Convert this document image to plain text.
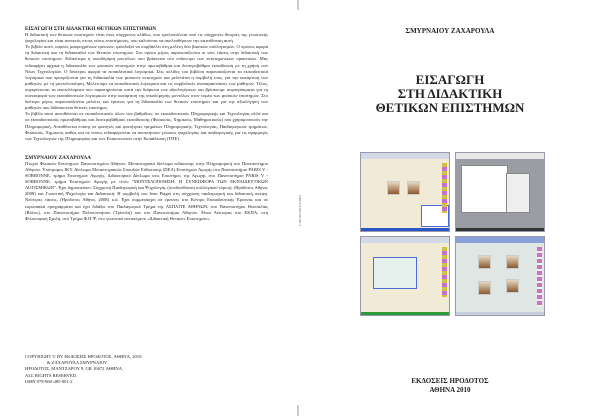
ΕΙΣΑΓΩΓΗ ΣΤΗ ΔΙΔΑΚΤΙΚΗ ΘΕΤΙΚΩΝ ΕΠΙΣΤΗΜΩΝ

Η διδακτική των θετικών επιστημών είναι ένας σύγχρονος κλάδος, που εμπλουτίζεται από τις σύγχρονες θεωρίες της γνωστικής ψυχολογίας και είναι ανοικτός στους νέους επιστήμονες, που καλούνται να ακολουθήσουν την κατεύθυνση αυτή.

Το βιβλίο αυτό, καρπός μακροχρόνιων ερευνών, φιλοδοξεί να συμβάλλει στη μελέτη δύο βασικών συλλογισμών. Ο πρώτος αφορά τη διδακτική και τη διδασκαλία των θετικών επιστημών. Στο πρώτο μέρος παρουσιάζονται οι νέες τάσεις στην διδακτική των θετικών επιστημών. Ειδικότερα η οικοδόμηση μοντέλων που βρίσκεται στο επίκεντρο των επιστημονικών πρακτικών. Μας ενδιαφέρει αρχικά η διδασκαλία των φυσικών επιστημών στην πρωτοβάθμια και δευτεροβάθμια εκπαίδευση με τη χρήση των Νέων Τεχνολογιών. Ο δεύτερος αφορά τα εκπαιδευτικά λογισμικά. Στις σελίδες του βιβλίου παρουσιάζονται τα εκπαιδευτικά λογισμικά που προορίζονται για τη διδασκαλία των φυσικών επιστημών και μελετάται η συμβολή τους, για την κατάρτιση των μαθητών, με τη μοντελοποίηση. Μελετούμε τα εκπαιδευτικά λογισμικά και τις συμβολικές αναπαραστάσεις των μαθητών. Τέλος, συγκρίνονται τα αποτελέσματα που παρατηρούνται κατά την διάρκεια των αξιολογήσεων και βρίσκουμε συμπεράσματα για τη συνεισφορά των εκπαιδευτικών λογισμικών στην κατάρτιση της οικοδόμησης μοντέλων στον τομέα των φυσικών επιστημών. Στο δεύτερο μέρος παρουσιάζονται μελέτες και έρευνες για τη διδασκαλία των θετικών επιστημών και για την αξιολόγηση των μαθητών που διδάσκονται θετικές επιστήμες.

Το βιβλίο αυτό απευθύνεται σε εκπαιδευτικούς όλων των βαθμίδων, σε εκπαιδευτικούς Πληροφορικής και Τεχνολογίας αλλά και σε εκπαιδευτικούς πρωτοβάθμιας και δευτεροβάθμιας εκπαίδευσης (Φυσικούς, Χημικούς, Μαθηματικούς) που χρησιμοποιούν την Πληροφορική. Απευθύνεται επίσης σε φοιτητές και φοιτήτριες τμημάτων Πληροφορικής, Τεχνολογίας, Παιδαγωγικών τμημάτων, Φυσικούς, Χημικούς καθώς και σε όσους ενδιαφέρονται να αποκτήσουν γνώσεις ψυχολογίας και παιδαγωγικής για τις εφαρμογές των Τεχνολογιών της Πληροφορίας και των Επικοινωνιών στην Εκπαίδευση (ΤΠΕ).

ΣΜΥΡΝΑΙΟΥ ΖΑΧΑΡΟΥΛΑ

Πτυχίο Φυσικών Επιστημών Πανεπιστημίου Αθηνών. Μεταπτυχιακό δίπλωμα ειδίκευσης στην Πληροφορική στο Πανεπιστήμιο Αθηνών. Υπότροφος ΙΚΥ. Δίπλωμα Μεταπτυχιακών Σπουδών Ειδίκευσης (DEA) Επιστημών Αγωγής στο Πανεπιστήμιο PARIS V - SORBONNE, τμήμα Επιστημών Αγωγής. Διδακτορικό Δίπλωμα στις Επιστήμες της Αγωγής στο Πανεπιστήμιο PARIS V - SORBONNE, τμήμα Επιστημών Αγωγής με τίτλο "ΜΟΝΤΕΛΟΠΟΙΗΣΗ: Η ΣΥΝΕΙΣΦΟΡΑ ΤΩΝ ΕΚΠΑΙΔΕΥΤΙΚΩΝ ΛΟΓΙΣΜΙΚΩΝ". Έχει δημοσιεύσει: Σύγχρονη Παιδαγωγική και Ψυχολογία, (συνδιεύθυνση συλλογικού τόμου), (Ηρόδοτος Αθήνα, 2008) και Γνωστική Ψυχολογία και Διδακτική: Η συμβολή του Jean Piaget στη σύγχρονη παιδαγωγική και διδακτική σκέψη. Νεότερες τάσεις, (Ηρόδοτος Αθήνα, 2008) κ.ά. Έχει συμμετάσχει σε έρευνες στο Κέντρο Εκπαιδευτικής Έρευνας και σε ευρωπαϊκά προγράμματα και έχει διδάξει στο Παιδαγωγικό Τμήμα της ΑΣΠΑΙΤΕ ΑΘΗΝΩΝ, στο Πανεπιστήμιο Θεσσαλίας (Βόλος), στο Πανεπιστήμιο Πελοποννήσου (Τρίπολη) και στο Πανεπιστήμιο Αθηνών. Είναι Λέκτορας στο ΕΚΠΑ, στη Φιλοσοφική Σχολή, στο Τμήμα Φ.Π.Ψ, στο γνωστικό αντικείμενο «Διδακτική Θετικών Επιστημών».

COPYRIGHT © ΒΥ ΕΚΔΟΣΕΙΣ ΗΡΟΔΟΤΟΣ, ΑΘΗΝΑ, 2010.
& ΖΑΧΑΡΟΥΛΑ ΣΜΥΡΝΑΙΟΥ
ΗΡΟΔΟΤΟΣ, ΜΑΝΤΖΑΡΟΥ 9, GR 10672 ΑΘΗΝΑ.
ALL RIGHTS RESERVED.
ISBN 978-960-485-001-2
ISBN 978-960-485-001-2
ΣΜΥΡΝΑΙΟΥ ΖΑΧΑΡΟΥΛΑ
ΕΙΣΑΓΩΓΗ
ΣΤΗ ΔΙΔΑΚΤΙΚΗ
ΘΕΤΙΚΩΝ ΕΠΙΣΤΗΜΩΝ
ΕΚΔΟΣΕΙΣ ΗΡΟΔΟΤΟΣ
ΑΘΗΝΑ 2010
